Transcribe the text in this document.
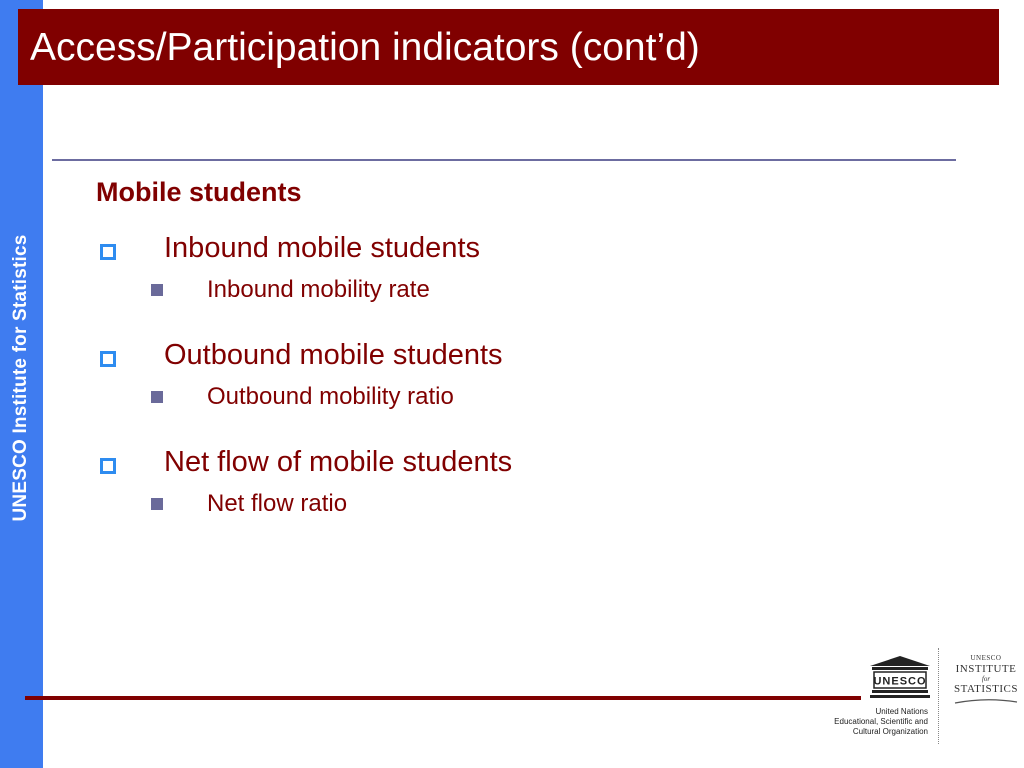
UNESCO Institute for Statistics
Access/Participation indicators (cont’d)
Mobile students
Inbound mobile students
Inbound mobility rate
Outbound mobile students
Outbound mobility ratio
Net flow of mobile students
Net flow ratio
UNESCO
United Nations
Educational, Scientific and
Cultural Organization
UNESCO
INSTITUTE
for
STATISTICS
